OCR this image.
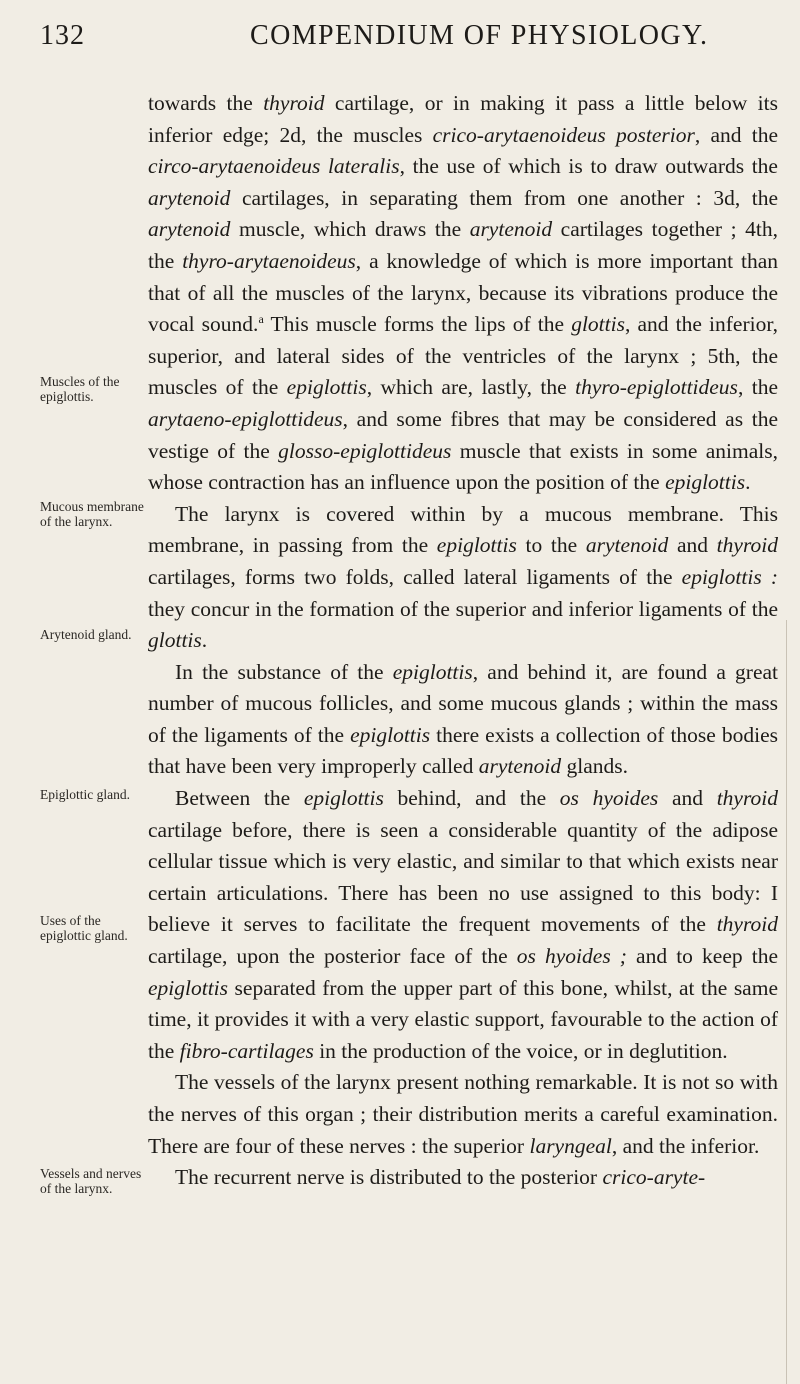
132	COMPENDIUM OF PHYSIOLOGY.
Muscles of the epiglottis.
Mucous membrane of the larynx.
Arytenoid gland.
Epiglottic gland.
Uses of the epiglottic gland.
Vessels and nerves of the larynx.

towards the thyroid cartilage, or in making it pass a little below its inferior edge; 2d, the muscles crico-arytaenoideus posterior, and the circo-arytaenoideus lateralis, the use of which is to draw outwards the arytenoid cartilages, in separating them from one another : 3d, the arytenoid muscle, which draws the arytenoid cartilages together ; 4th, the thyro-arytaenoideus, a knowledge of which is more important than that of all the muscles of the larynx, because its vibrations produce the vocal sound.$^a$ This muscle forms the lips of the glottis, and the inferior, superior, and lateral sides of the ventricles of the larynx ; 5th, the muscles of the epiglottis, which are, lastly, the thyro-epiglottideus, the arytaeno-epiglottideus, and some fibres that may be considered as the vestige of the glosso-epiglottideus muscle that exists in some animals, whose contraction has an influence upon the position of the epiglottis.

The larynx is covered within by a mucous membrane. This membrane, in passing from the epiglottis to the arytenoid and thyroid cartilages, forms two folds, called lateral ligaments of the epiglottis : they concur in the formation of the superior and inferior ligaments of the glottis.

In the substance of the epiglottis, and behind it, are found a great number of mucous follicles, and some mucous glands ; within the mass of the ligaments of the epiglottis there exists a collection of those bodies that have been very improperly called arytenoid glands.

Between the epiglottis behind, and the os hyoides and thyroid cartilage before, there is seen a considerable quantity of the adipose cellular tissue which is very elastic, and similar to that which exists near certain articulations. There has been no use assigned to this body: I believe it serves to facilitate the frequent movements of the thyroid cartilage, upon the posterior face of the os hyoides ; and to keep the epiglottis separated from the upper part of this bone, whilst, at the same time, it provides it with a very elastic support, favourable to the action of the fibro-cartilages in the production of the voice, or in deglutition.

The vessels of the larynx present nothing remarkable. It is not so with the nerves of this organ ; their distribution merits a careful examination. There are four of these nerves : the superior laryngeal, and the inferior.

The recurrent nerve is distributed to the posterior crico-aryte-
